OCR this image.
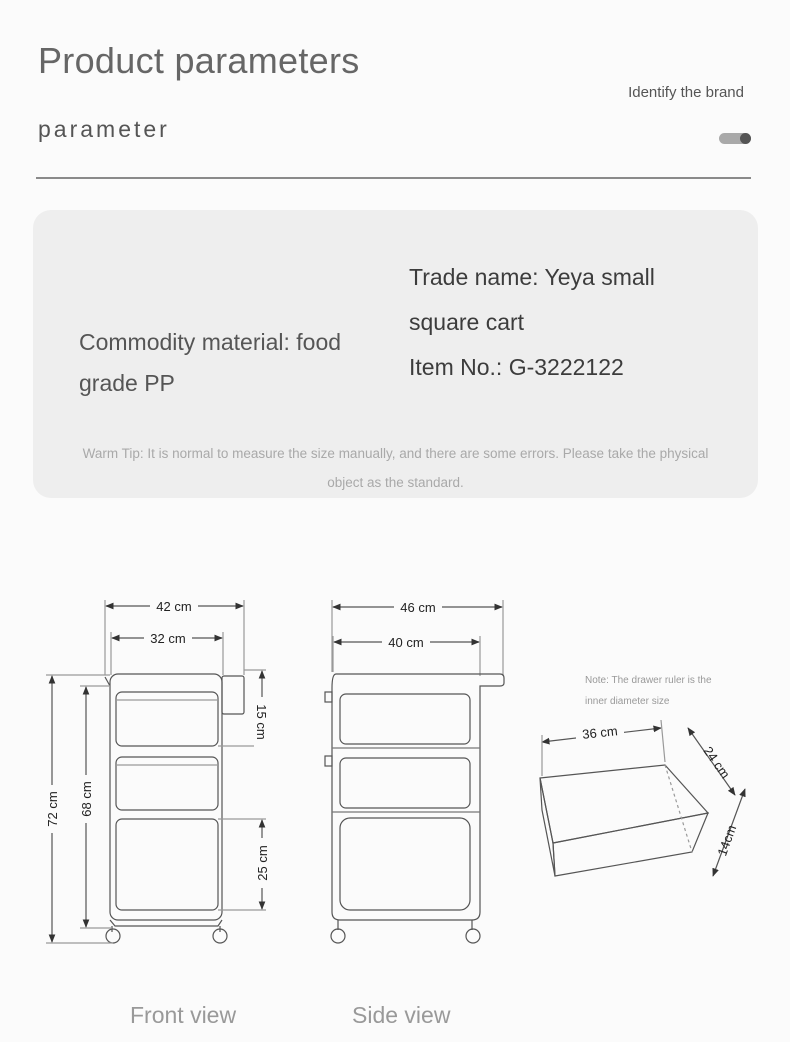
Product parameters
Identify the brand
parameter
Commodity material: food grade PP
Trade name: Yeya small square cart
Item No.: G-3222122
Warm Tip: It is normal to measure the size manually, and there are some errors. Please take the physical object as the standard.
42 cm
32 cm
72 cm 68 cm
15 cm
25 cm
46 cm
40 cm
36 cm
24 cm
14cm
Note: The drawer ruler is the inner diameter size
Front view	Side view
